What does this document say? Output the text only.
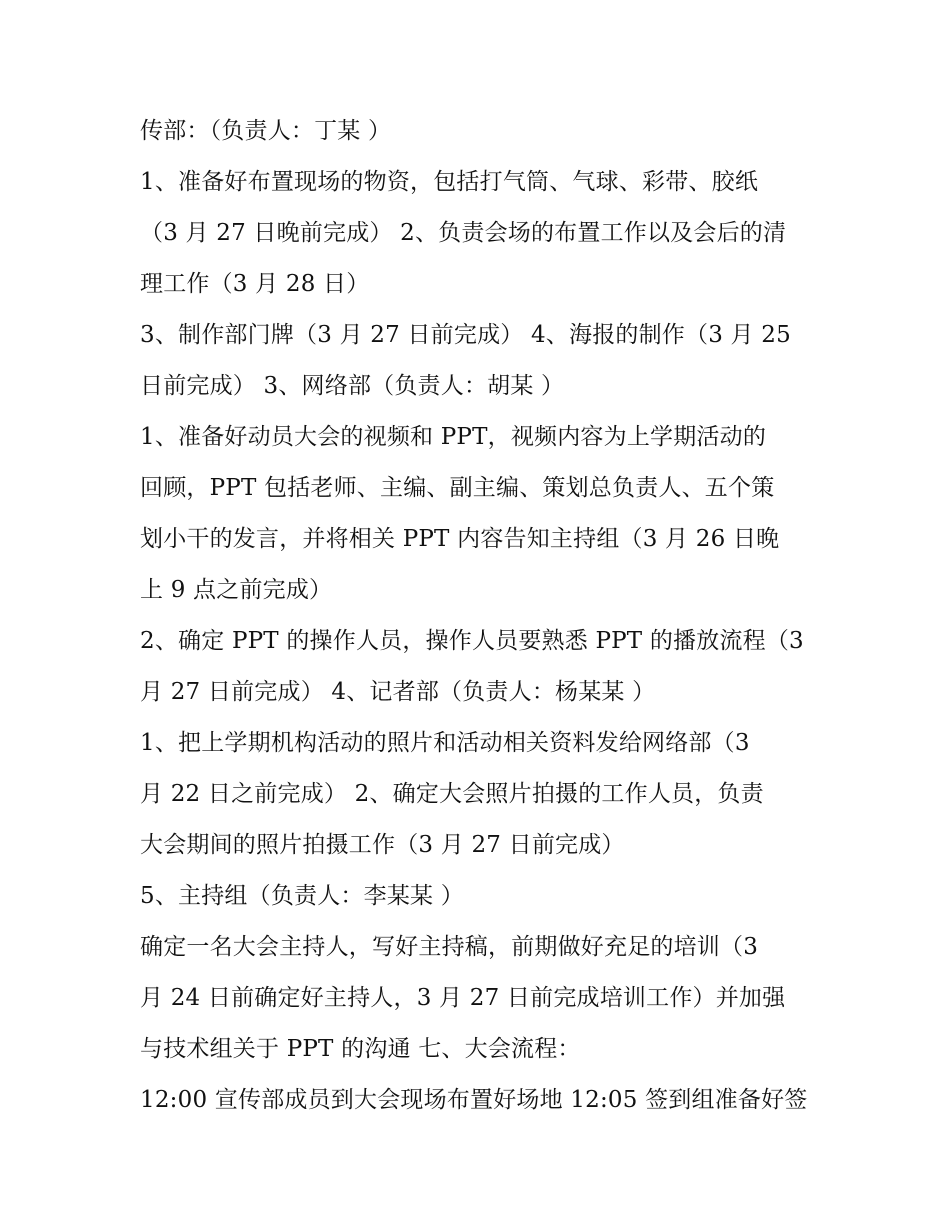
传部：（负责人：丁某 ）
1、准备好布置现场的物资，包括打气筒、气球、彩带、胶纸
（3 月 27 日晚前完成） 2、负责会场的布置工作以及会后的清
理工作（3 月 28 日）
3、制作部门牌（3 月 27 日前完成） 4、海报的制作（3 月 25
日前完成） 3、网络部（负责人：胡某 ）
1、准备好动员大会的视频和 PPT，视频内容为上学期活动的
回顾，PPT 包括老师、主编、副主编、策划总负责人、五个策
划小干的发言，并将相关 PPT 内容告知主持组（3 月 26 日晚
上 9 点之前完成）
2、确定 PPT 的操作人员，操作人员要熟悉 PPT 的播放流程（3
月 27 日前完成） 4、记者部（负责人：杨某某 ）
1、把上学期机构活动的照片和活动相关资料发给网络部（3
月 22 日之前完成） 2、确定大会照片拍摄的工作人员，负责
大会期间的照片拍摄工作（3 月 27 日前完成）
5、主持组（负责人：李某某 ）
确定一名大会主持人，写好主持稿，前期做好充足的培训（3
月 24 日前确定好主持人，3 月 27 日前完成培训工作）并加强
与技术组关于 PPT 的沟通 七、大会流程：
12:00 宣传部成员到大会现场布置好场地 12:05 签到组准备好签
